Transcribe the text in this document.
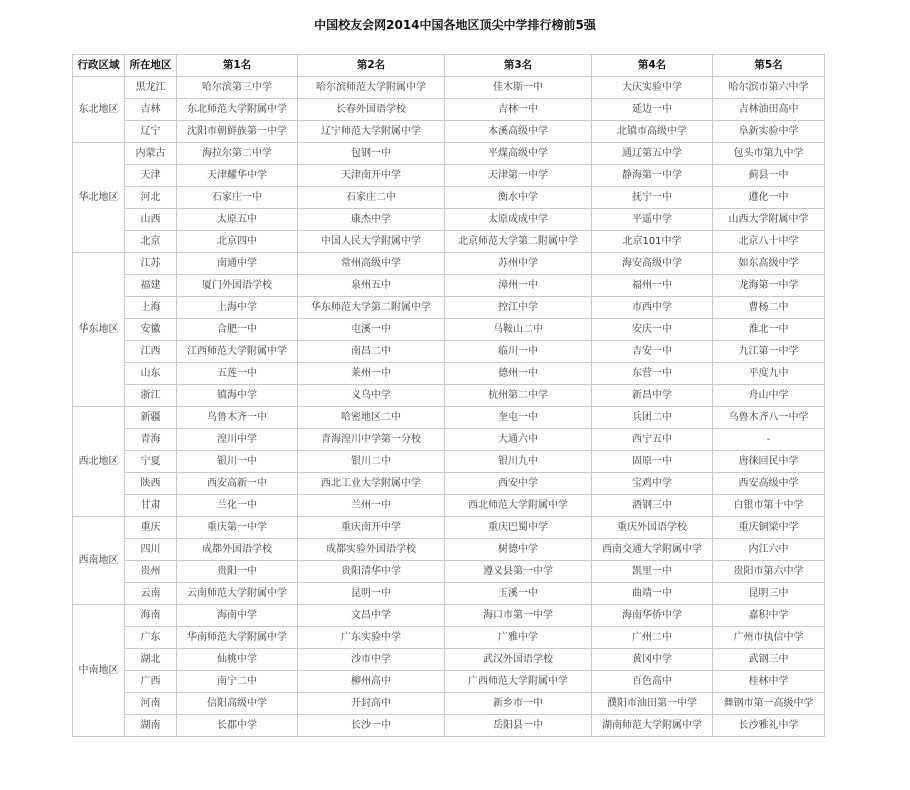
中国校友会网2014中国各地区顶尖中学排行榜前5强
行政区域	所在地区	第1名	第2名	第3名	第4名	第5名
东北地区	黑龙江	哈尔滨第三中学	哈尔滨师范大学附属中学	佳木斯一中	大庆实验中学	哈尔滨市第六中学
	吉林	东北师范大学附属中学	长春外国语学校	吉林一中	延边一中	吉林油田高中
	辽宁	沈阳市朝鲜族第一中学	辽宁师范大学附属中学	本溪高级中学	北镇市高级中学	阜新实验中学
华北地区	内蒙古	海拉尔第二中学	包钢一中	平煤高级中学	通辽第五中学	包头市第九中学
	天津	天津耀华中学	天津南开中学	天津第一中学	静海第一中学	蓟县一中
	河北	石家庄一中	石家庄二中	衡水中学	抚宁一中	遵化一中
	山西	太原五中	康杰中学	太原成成中学	平遥中学	山西大学附属中学
	北京	北京四中	中国人民大学附属中学	北京师范大学第二附属中学	北京101中学	北京八十中学
华东地区	江苏	南通中学	常州高级中学	苏州中学	海安高级中学	如东高级中学
	福建	厦门外国语学校	泉州五中	漳州一中	福州一中	龙海第一中学
	上海	上海中学	华东师范大学第二附属中学	控江中学	市西中学	曹杨二中
	安徽	合肥一中	屯溪一中	马鞍山二中	安庆一中	淮北一中
	江西	江西师范大学附属中学	南昌二中	临川一中	吉安一中	九江第一中学
	山东	五莲一中	莱州一中	德州一中	东营一中	平度九中
	浙江	镇海中学	义乌中学	杭州第二中学	新昌中学	舟山中学
西北地区	新疆	乌鲁木齐一中	哈密地区二中	奎屯一中	兵团二中	乌鲁木齐八一中学
	青海	湟川中学	青海湟川中学第一分校	大通六中	西宁五中	-
	宁夏	银川一中	银川二中	银川九中	固原一中	唐徕回民中学
	陕西	西安高新一中	西北工业大学附属中学	西安中学	宝鸡中学	西安高级中学
	甘肃	兰化一中	兰州一中	西北师范大学附属中学	酒钢三中	白银市第十中学
西南地区	重庆	重庆第一中学	重庆南开中学	重庆巴蜀中学	重庆外国语学校	重庆铜梁中学
	四川	成都外国语学校	成都实验外国语学校	树德中学	西南交通大学附属中学	内江六中
	贵州	贵阳一中	贵阳清华中学	遵义县第一中学	凯里一中	贵阳市第六中学
	云南	云南师范大学附属中学	昆明一中	玉溪一中	曲靖一中	昆明三中
中南地区	海南	海南中学	文昌中学	海口市第一中学	海南华侨中学	嘉积中学
	广东	华南师范大学附属中学	广东实验中学	广雅中学	广州二中	广州市执信中学
	湖北	仙桃中学	沙市中学	武汉外国语学校	黄冈中学	武钢三中
	广西	南宁二中	柳州高中	广西师范大学附属中学	百色高中	桂林中学
	河南	信阳高级中学	开封高中	新乡市一中	濮阳市油田第一中学	舞钢市第一高级中学
	湖南	长郡中学	长沙一中	岳阳县一中	湖南师范大学附属中学	长沙雅礼中学
